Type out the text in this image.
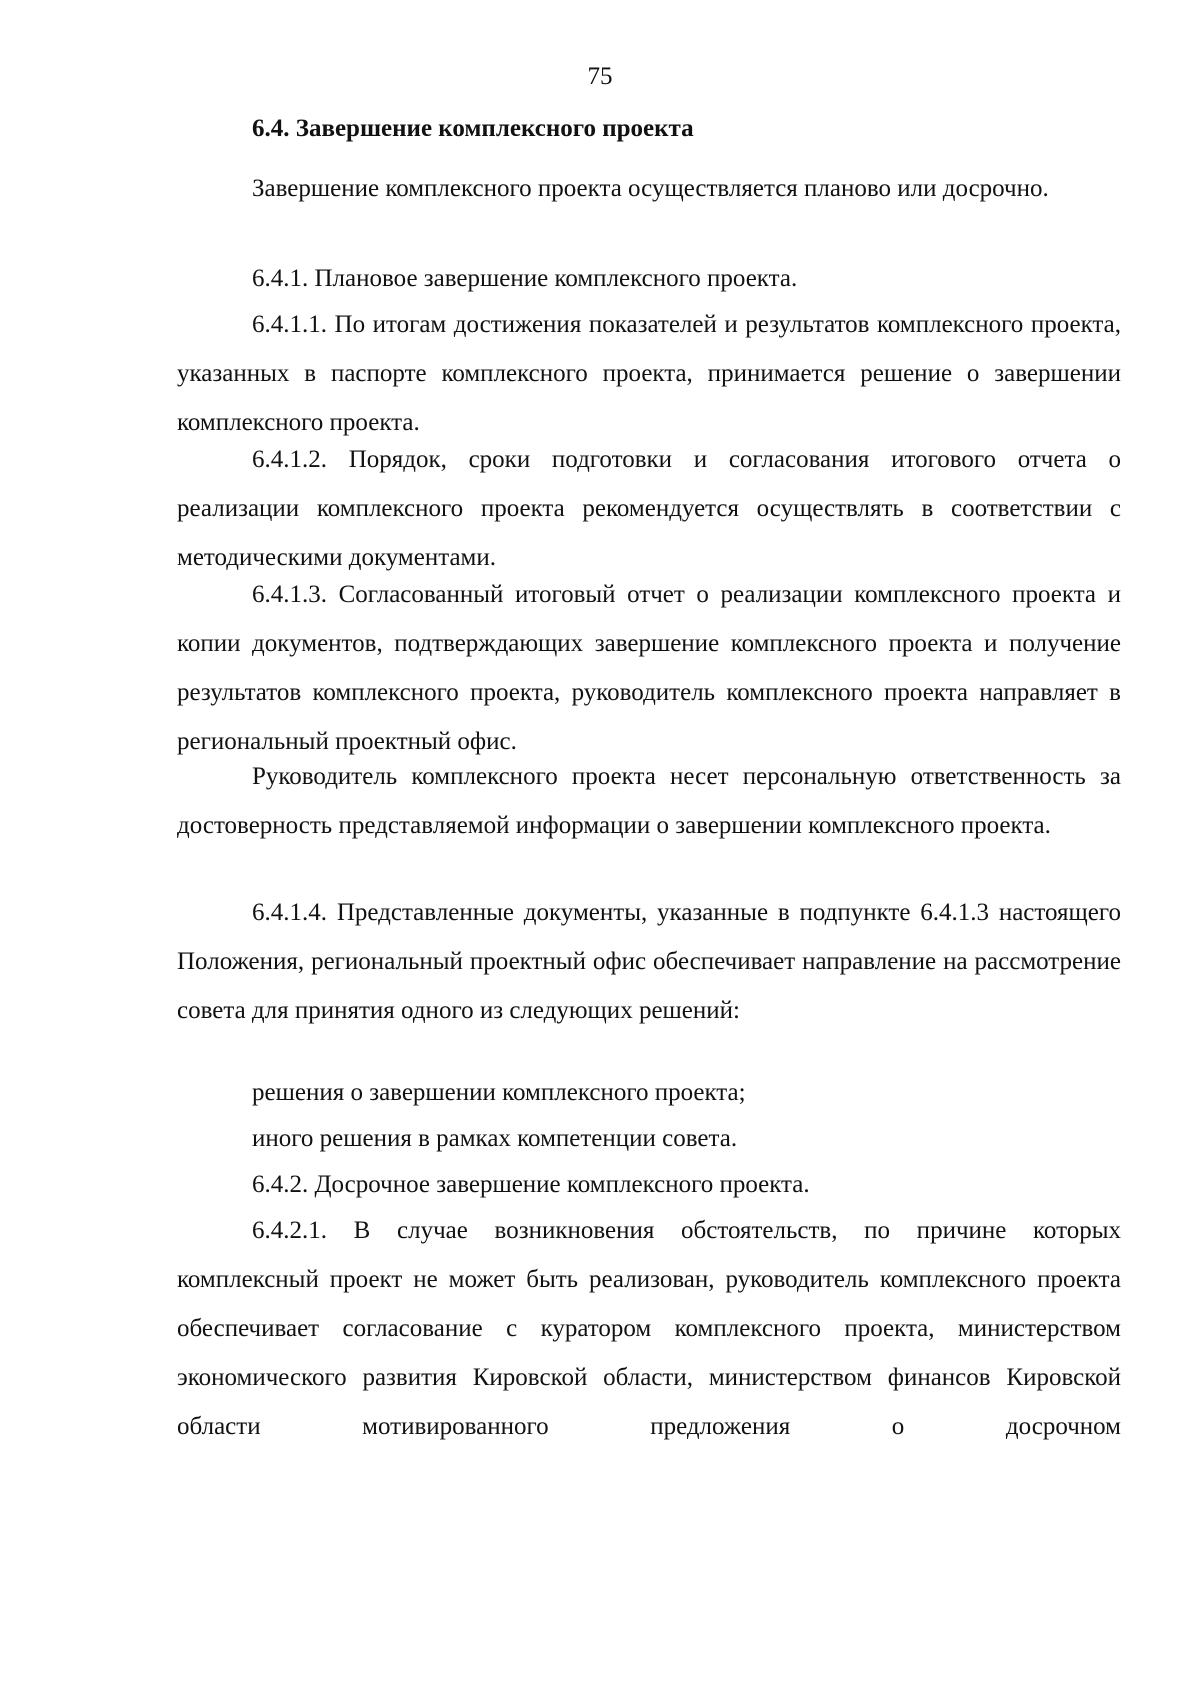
75

6.4. Завершение комплексного проекта

Завершение комплексного проекта осуществляется планово или досрочно.

6.4.1. Плановое завершение комплексного проекта.

6.4.1.1. По итогам достижения показателей и результатов комплексного проекта, указанных в паспорте комплексного проекта, принимается решение о завершении комплексного проекта.

6.4.1.2. Порядок, сроки подготовки и согласования итогового отчета о реализации комплексного проекта рекомендуется осуществлять в соответствии с методическими документами.

6.4.1.3. Согласованный итоговый отчет о реализации комплексного проекта и копии документов, подтверждающих завершение комплексного проекта и получение результатов комплексного проекта, руководитель комплексного проекта направляет в региональный проектный офис.

Руководитель комплексного проекта несет персональную ответственность за достоверность представляемой информации о завершении комплексного проекта.

6.4.1.4. Представленные документы, указанные в подпункте 6.4.1.3 настоящего Положения, региональный проектный офис обеспечивает направление на рассмотрение совета для принятия одного из следующих решений:

решения о завершении комплексного проекта;

иного решения в рамках компетенции совета.

6.4.2. Досрочное завершение комплексного проекта.

6.4.2.1. В случае возникновения обстоятельств, по причине которых комплексный проект не может быть реализован, руководитель комплексного проекта обеспечивает согласование с куратором комплексного проекта, министерством экономического развития Кировской области, министерством финансов Кировской области мотивированного предложения о досрочном
